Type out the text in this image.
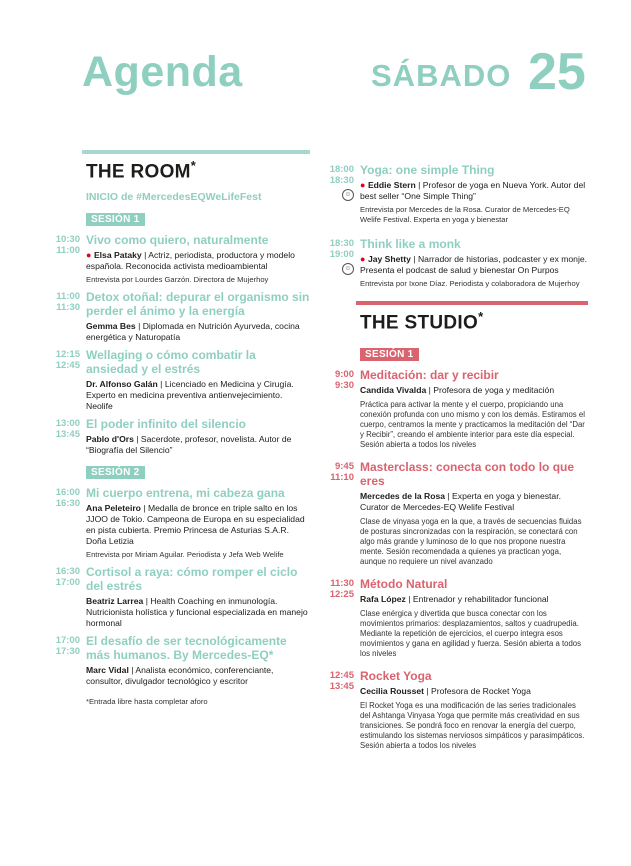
Agenda	SÁBADO 25
THE ROOM*
INICIO de #MercedesEQWeLifeFest
SESIÓN 1
10:30
11:00
Vivo como quiero, naturalmente
● Elsa Pataky | Actriz, periodista, productora y modelo española. Reconocida activista medioambiental
Entrevista por Lourdes Garzón. Directora de Mujerhoy
11:00
11:30
Detox otoñal: depurar el organismo sin perder el ánimo y la energía
Gemma Bes | Diplomada en Nutrición Ayurveda, cocina energética y Naturopatía
12:15
12:45
Wellaging o cómo combatir la ansiedad y el estrés
Dr. Alfonso Galán | Licenciado en Medicina y Cirugía. Experto en medicina preventiva antienvejecimiento. Neolife
13:00
13:45
El poder infinito del silencio
Pablo d'Ors | Sacerdote, profesor, novelista. Autor de “Biografía del Silencio”
SESIÓN 2
16:00
16:30
Mi cuerpo entrena, mi cabeza gana
Ana Peleteiro | Medalla de bronce en triple salto en los JJOO de Tokio. Campeona de Europa en su especialidad en pista cubierta. Premio Princesa de Asturias S.A.R. Doña Letizia
Entrevista por Miriam Aguilar. Periodista y Jefa Web Welife
16:30
17:00
Cortisol a raya: cómo romper el ciclo del estrés
Beatriz Larrea | Health Coaching en inmunología. Nutricionista holística y funcional especializada en manejo hormonal
17:00
17:30
El desafío de ser tecnológicamente más humanos. By Mercedes-EQ*
Marc Vidal | Analista económico, conferenciante, consultor, divulgador tecnológico y escritor
*Entrada libre hasta completar aforo
18:00
18:30
☺
Yoga: one simple Thing
● Eddie Stern | Profesor de yoga en Nueva York. Autor del best seller “One Simple Thing”
Entrevista por Mercedes de la Rosa. Curator de Mercedes-EQ Welife Festival. Experta en yoga y bienestar
18:30
19:00
☺
Think like a monk
● Jay Shetty | Narrador de historias, podcaster y ex monje. Presenta el podcast de salud y bienestar On Purpos
Entrevista por Ixone Díaz. Periodista y colaboradora de Mujerhoy
THE STUDIO*
SESIÓN 1
9:00
9:30
Meditación: dar y recibir
Candida Vivalda | Profesora de yoga y meditación
Práctica para activar la mente y el cuerpo, propiciando una conexión profunda con uno mismo y con los demás. Estiramos el cuerpo, centramos la mente y practicamos la meditación del “Dar y Recibir”, creando el ambiente interior para este día especial. Sesión abierta a todos los niveles
9:45
11:10
Masterclass: conecta con todo lo que eres
Mercedes de la Rosa | Experta en yoga y bienestar. Curator de Mercedes-EQ Welife Festival
Clase de vinyasa yoga en la que, a través de secuencias fluidas de posturas sincronizadas con la respiración, se conectará con algo más grande y luminoso de lo que nos propone nuestra mente. Sesión recomendada a quienes ya practican yoga, aunque no requiere un nivel avanzado
11:30
12:25
Método Natural
Rafa López | Entrenador y rehabilitador funcional
Clase enérgica y divertida que busca conectar con los movimientos primarios: desplazamientos, saltos y cuadrupedia. Mediante la repetición de ejercicios, el cuerpo integra esos movimientos y gana en agilidad y fuerza. Sesión abierta a todos los niveles
12:45
13:45
Rocket Yoga
Cecilia Rousset | Profesora de Rocket Yoga
El Rocket Yoga es una modificación de las series tradicionales del Ashtanga Vinyasa Yoga que permite más creatividad en sus transiciones. Se pondrá foco en renovar la energía del cuerpo, estimulando los sistemas nerviosos simpáticos y parasimpáticos. Sesión abierta a todos los niveles
